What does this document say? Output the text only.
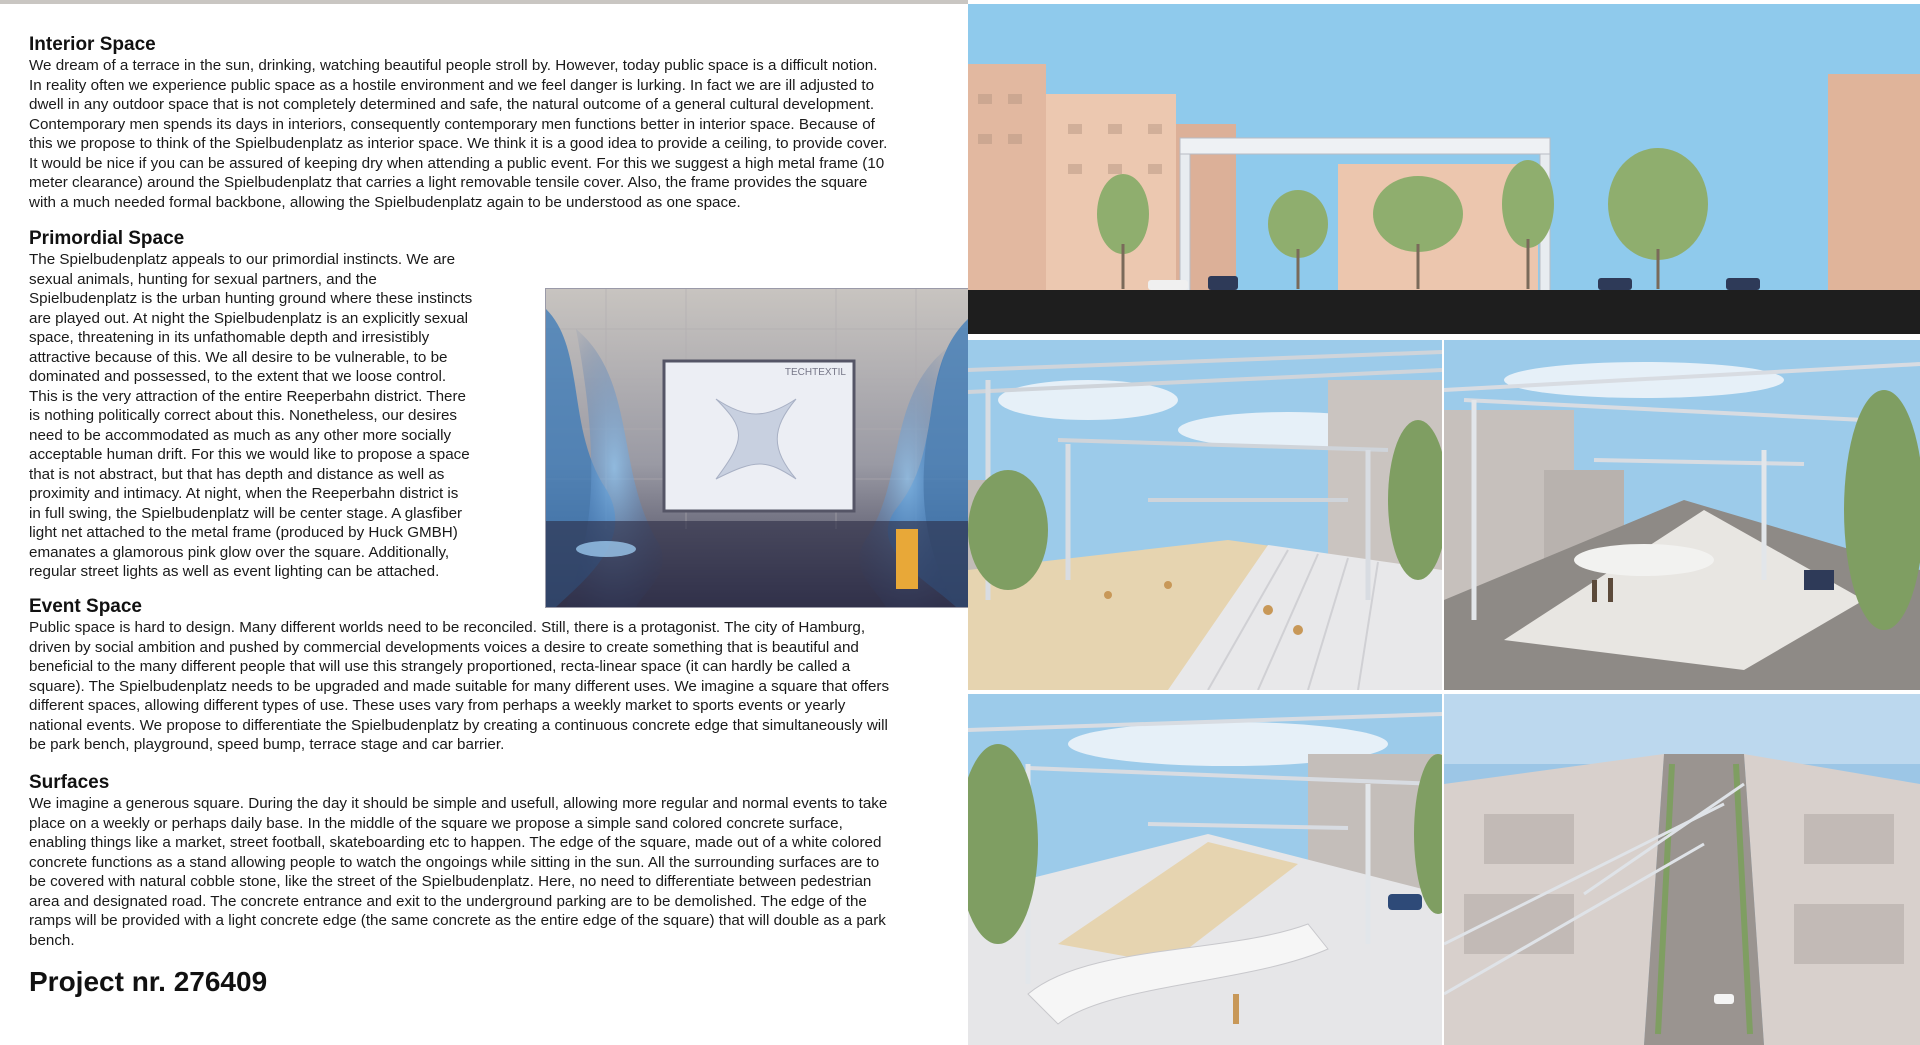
Interior Space
We dream of a terrace in the sun, drinking, watching beautiful people stroll by. However, today public space is a difficult notion.
In reality often we experience public space as a hostile environment and we feel danger is lurking. In fact we are ill adjusted to
dwell in any outdoor space that is not completely determined and safe, the natural outcome of a general cultural development.
Contemporary men spends its days in interiors, consequently contemporary men functions better in interior space. Because of
this we propose to think of the Spielbudenplatz as interior space. We think it is a good idea to provide a ceiling, to provide cover.
It would be nice if you can be assured of keeping dry when attending a public event. For this we suggest a high metal frame (10
meter clearance) around the Spielbudenplatz that carries a light removable tensile cover. Also, the frame provides the square
with a much needed formal backbone, allowing the Spielbudenplatz again to be understood as one space.
Primordial Space
The Spielbudenplatz appeals to our primordial instincts. We are
sexual animals, hunting for sexual partners, and the
Spielbudenplatz is the urban hunting ground where these instincts
are played out. At night the Spielbudenplatz is an explicitly sexual
space, threatening in its unfathomable depth and irresistibly
attractive because of this. We all desire to be vulnerable, to be
dominated and possessed, to the extent that we loose control.
This is the very attraction of the entire Reeperbahn district. There
is nothing politically correct about this. Nonetheless, our desires
need to be accommodated as much as any other more socially
acceptable human drift. For this we would like to propose a space
that is not abstract, but that has depth and distance as well as
proximity and intimacy. At night, when the Reeperbahn district is
in full swing, the Spielbudenplatz will be center stage. A glasfiber
light net attached to the metal frame (produced by Huck GMBH)
emanates a glamorous pink glow over the square. Additionally,
regular street lights as well as event lighting can be attached.
TECHTEXTIL
Event Space
Public space is hard to design. Many different worlds need to be reconciled. Still, there is a protagonist. The city of Hamburg,
driven by social ambition and pushed by commercial developments voices a desire to create something that is beautiful and
beneficial to the many different people that will use this strangely proportioned, recta-linear space (it can hardly be called a
square). The Spielbudenplatz needs to be upgraded and made suitable for many different uses. We imagine a square that offers
different spaces, allowing different types of use. These uses vary from perhaps a weekly market to sports events or yearly
national events. We propose to differentiate the Spielbudenplatz by creating a continuous concrete edge that simultaneously will
be park bench, playground, speed bump, terrace stage and car barrier.
Surfaces
We imagine a generous square. During the day it should be simple and usefull, allowing more regular and normal events to take
place on a weekly or perhaps daily base. In the middle of the square we propose a simple sand colored concrete surface,
enabling things like a market, street football, skateboarding etc to happen. The edge of the square, made out of a white colored
concrete functions as a stand allowing people to watch the ongoings while sitting in the sun. All the surrounding surfaces are to
be covered with natural cobble stone, like the street of the Spielbudenplatz. Here, no need to differentiate between pedestrian
area and designated road. The concrete entrance and exit to the underground parking are to be demolished. The edge of the
ramps will be provided with a light concrete edge (the same concrete as the entire edge of the square) that will double as a park
bench.
Project nr. 276409
